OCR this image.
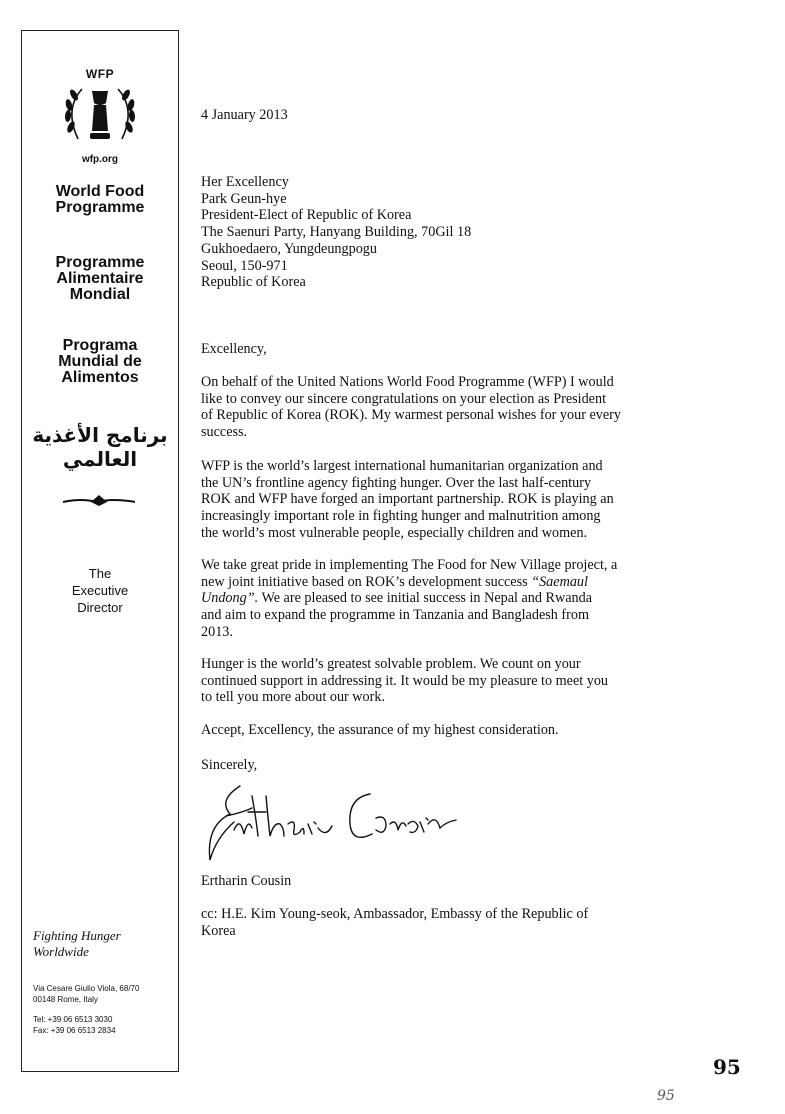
WFP
wfp.org
World Food
Programme
Programme
Alimentaire
Mondial
Programa
Mundial de
Alimentos
برنامج الأغذية
العالمي
The
Executive
Director
Fighting Hunger
Worldwide
Via Cesare Giulio Viola, 68/70
00148 Rome, Italy
Tel: +39 06 6513 3030
Fax: +39 06 6513 2834
4 January 2013
Her Excellency
Park Geun-hye
President-Elect of Republic of Korea
The Saenuri Party, Hanyang Building, 70Gil 18
Gukhoedaero, Yungdeungpogu
Seoul, 150-971
Republic of Korea
Excellency,
On behalf of the United Nations World Food Programme (WFP) I would
like to convey our sincere congratulations on your election as President
of Republic of Korea (ROK). My warmest personal wishes for your every
success.
WFP is the world’s largest international humanitarian organization and
the UN’s frontline agency fighting hunger. Over the last half-century
ROK and WFP have forged an important partnership. ROK is playing an
increasingly important role in fighting hunger and malnutrition among
the world’s most vulnerable people, especially children and women.
We take great pride in implementing The Food for New Village project, a
new joint initiative based on ROK’s development success “Saemaul
Undong”. We are pleased to see initial success in Nepal and Rwanda
and aim to expand the programme in Tanzania and Bangladesh from
2013.
Hunger is the world’s greatest solvable problem. We count on your
continued support in addressing it. It would be my pleasure to meet you
to tell you more about our work.
Accept, Excellency, the assurance of my highest consideration.
Sincerely,
Ertharin Cousin
cc: H.E. Kim Young-seok, Ambassador, Embassy of the Republic of
Korea
95
95
